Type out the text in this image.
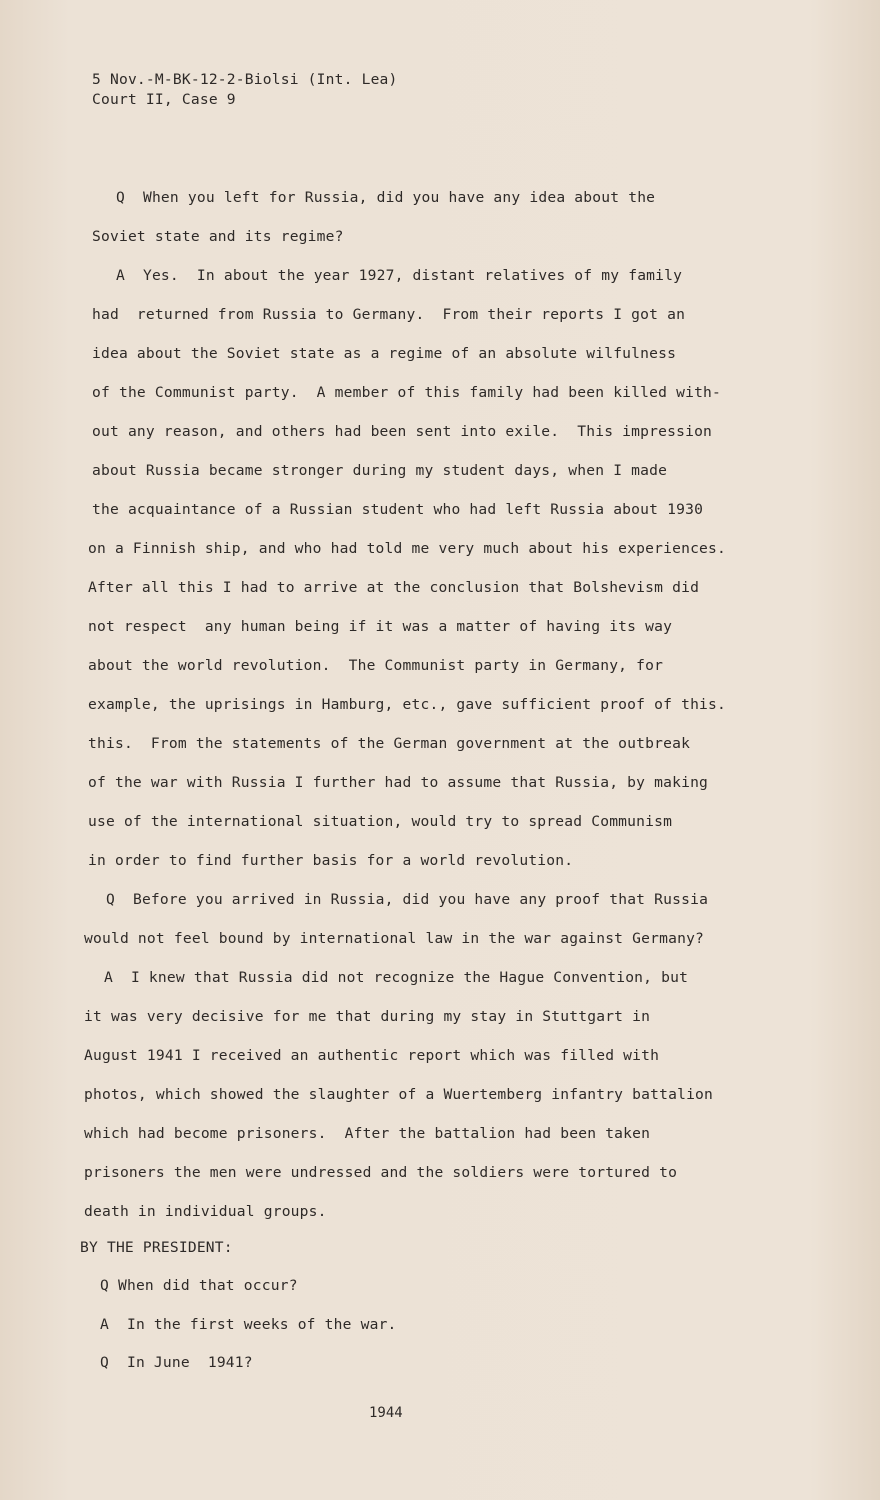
5 Nov.-M-BK-12-2-Biolsi (Int. Lea)
Court II, Case 9
Q  When you left for Russia, did you have any idea about the
Soviet state and its regime?
A  Yes.  In about the year 1927, distant relatives of my family
had  returned from Russia to Germany.  From their reports I got an
idea about the Soviet state as a regime of an absolute wilfulness
of the Communist party.  A member of this family had been killed with-
out any reason, and others had been sent into exile.  This impression
about Russia became stronger during my student days, when I made
the acquaintance of a Russian student who had left Russia about 1930
on a Finnish ship, and who had told me very much about his experiences.
After all this I had to arrive at the conclusion that Bolshevism did
not respect  any human being if it was a matter of having its way
about the world revolution.  The Communist party in Germany, for
example, the uprisings in Hamburg, etc., gave sufficient proof of this.
this.  From the statements of the German government at the outbreak
of the war with Russia I further had to assume that Russia, by making
use of the international situation, would try to spread Communism
in order to find further basis for a world revolution.
Q  Before you arrived in Russia, did you have any proof that Russia
would not feel bound by international law in the war against Germany?
A  I knew that Russia did not recognize the Hague Convention, but
it was very decisive for me that during my stay in Stuttgart in
August 1941 I received an authentic report which was filled with
photos, which showed the slaughter of a Wuertemberg infantry battalion
which had become prisoners.  After the battalion had been taken
prisoners the men were undressed and the soldiers were tortured to
death in individual groups.
BY THE PRESIDENT:
Q When did that occur?
A  In the first weeks of the war.
Q  In June  1941?
1944
